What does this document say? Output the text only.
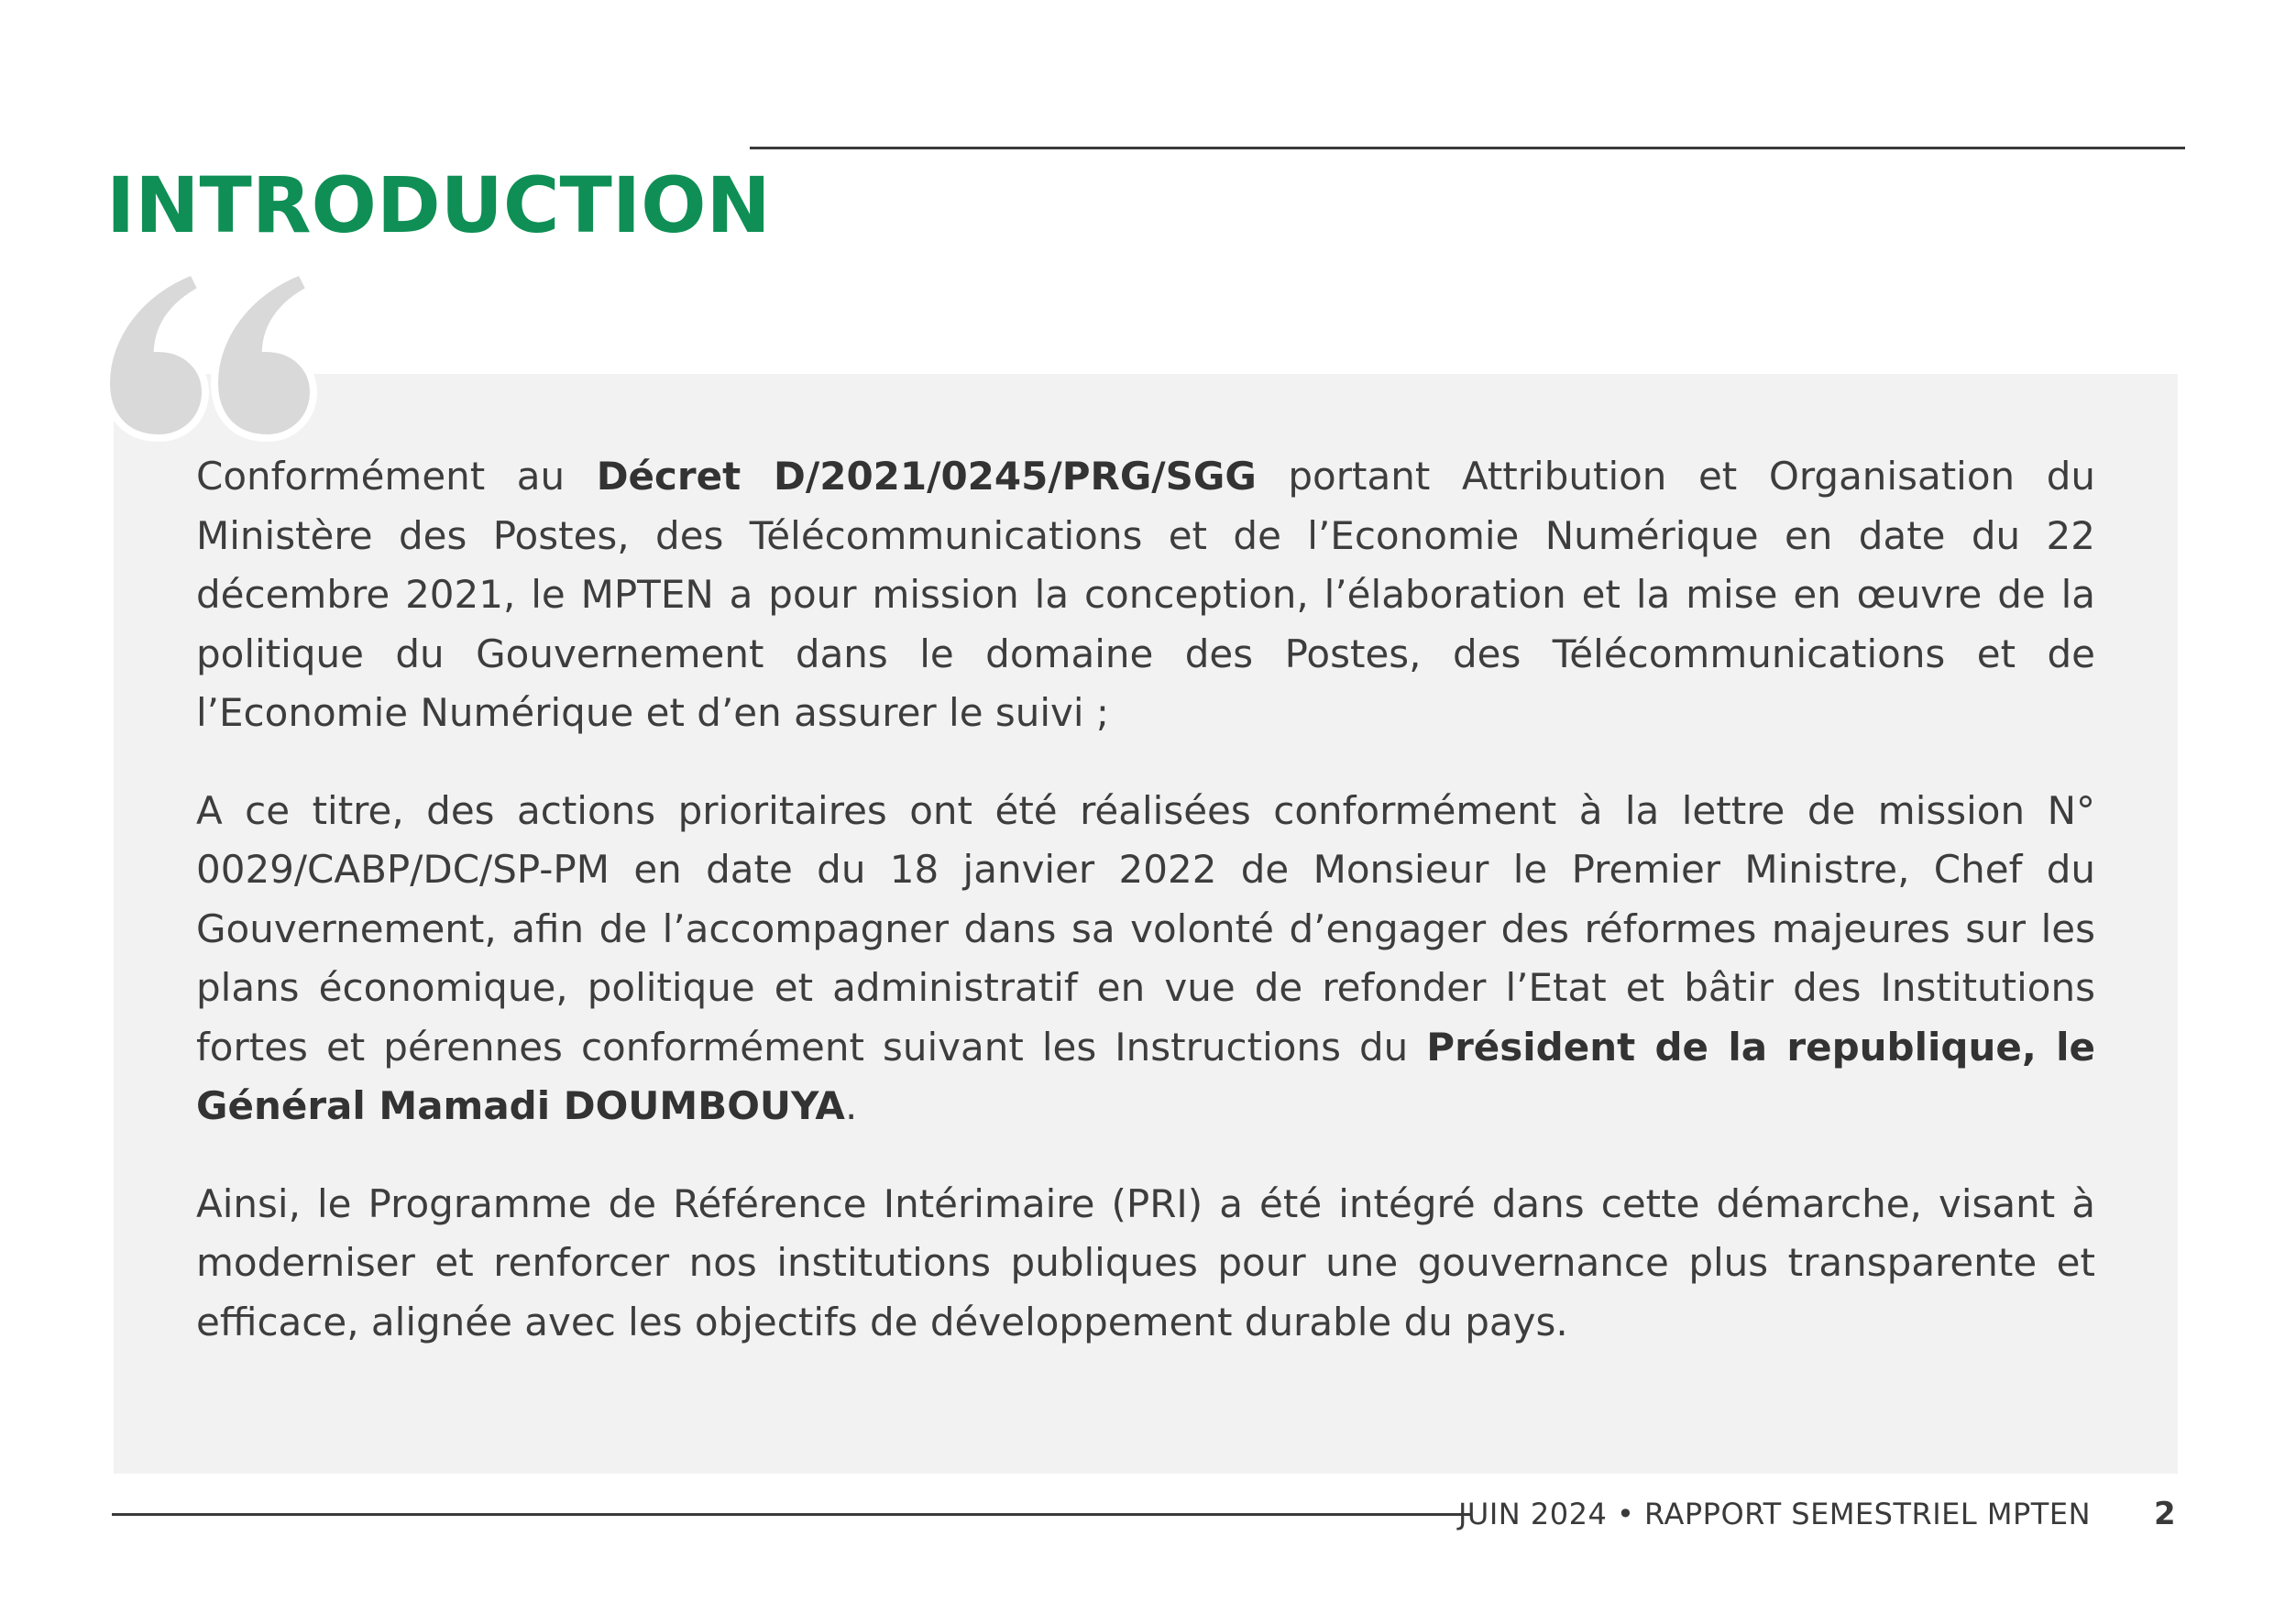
INTRODUCTION

Conformément au Décret D/2021/0245/PRG/SGG portant Attribution et Organisation du Ministère des Postes, des Télécommunications et de l’Economie Numérique en date du 22 décembre 2021, le MPTEN a pour mission la conception, l’élaboration et la mise en œuvre de la politique du Gouvernement dans le domaine des Postes, des Télécommunications et de l’Economie Numérique et d’en assurer le suivi ;

A ce titre, des actions prioritaires ont été réalisées conformément à la lettre de mission N° 0029/CABP/DC/SP-PM en date du 18 janvier 2022 de Monsieur le Premier Ministre, Chef du Gouvernement, afin de l’accompagner dans sa volonté d’engager des réformes majeures sur les plans économique, politique et administratif en vue de refonder l’Etat et bâtir des Institutions fortes et pérennes conformément suivant les Instructions du Président de la republique, le Général Mamadi DOUMBOUYA.

Ainsi, le Programme de Référence Intérimaire (PRI) a été intégré dans cette démarche, visant à moderniser et renforcer nos institutions publiques pour une gouvernance plus transparente et efficace, alignée avec les objectifs de développement durable du pays.

JUIN 2024 • RAPPORT SEMESTRIEL MPTEN 2
